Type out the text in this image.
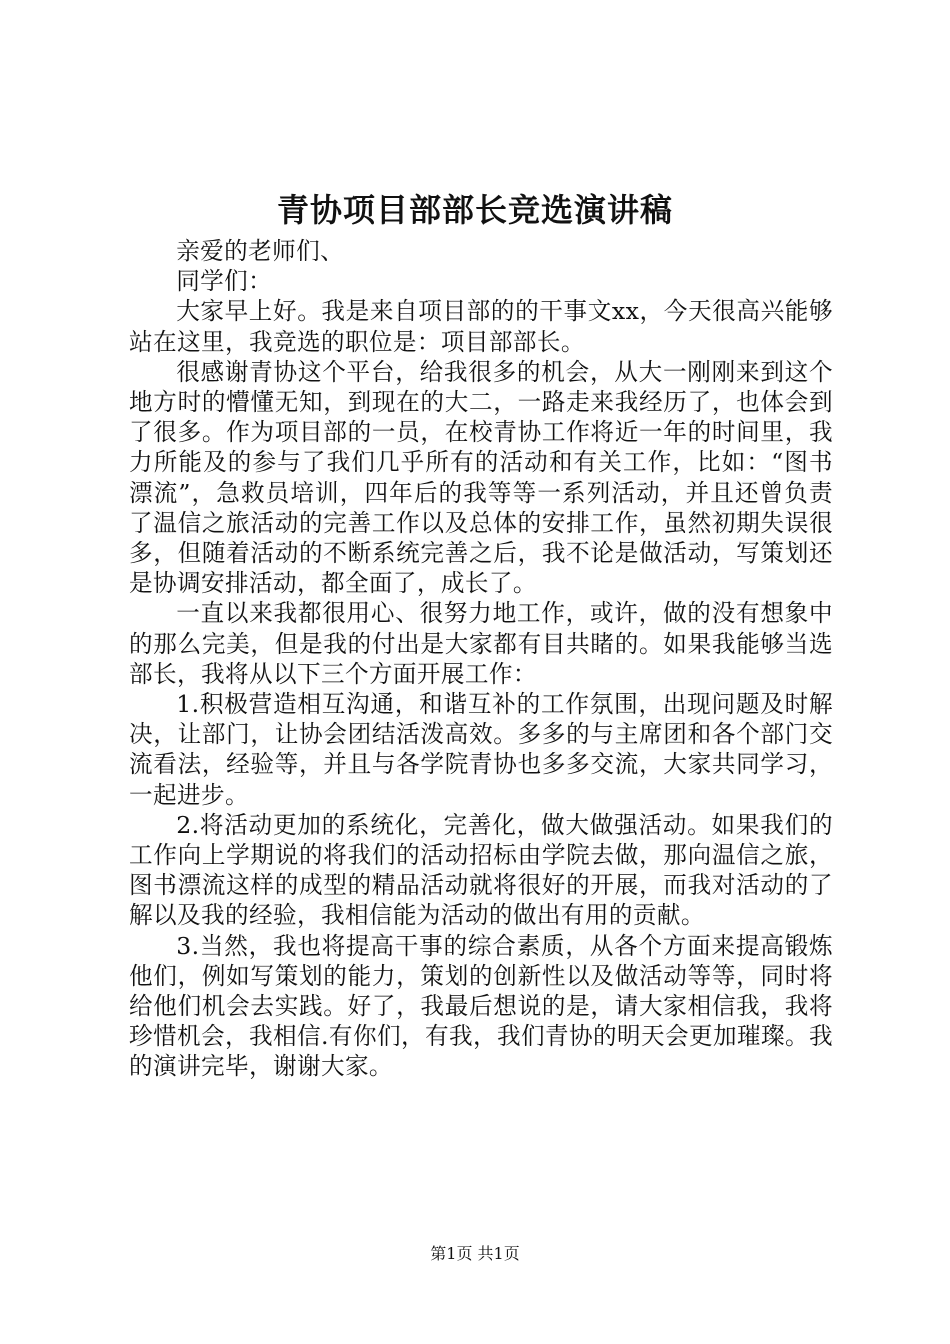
青协项目部部长竞选演讲稿

亲爱的老师们、

同学们：

大家早上好。我是来自项目部的的干事文xx，今天很高兴能够站在这里，我竞选的职位是：项目部部长。

很感谢青协这个平台，给我很多的机会，从大一刚刚来到这个地方时的懵懂无知，到现在的大二，一路走来我经历了，也体会到了很多。作为项目部的一员，在校青协工作将近一年的时间里，我力所能及的参与了我们几乎所有的活动和有关工作，比如：“图书漂流”，急救员培训，四年后的我等等一系列活动，并且还曾负责了温信之旅活动的完善工作以及总体的安排工作，虽然初期失误很多，但随着活动的不断系统完善之后，我不论是做活动，写策划还是协调安排活动，都全面了，成长了。

一直以来我都很用心、很努力地工作，或许，做的没有想象中的那么完美，但是我的付出是大家都有目共睹的。如果我能够当选部长，我将从以下三个方面开展工作：

1.积极营造相互沟通，和谐互补的工作氛围，出现问题及时解决，让部门，让协会团结活泼高效。多多的与主席团和各个部门交流看法，经验等，并且与各学院青协也多多交流，大家共同学习，一起进步。

2.将活动更加的系统化，完善化，做大做强活动。如果我们的工作向上学期说的将我们的活动招标由学院去做，那向温信之旅，图书漂流这样的成型的精品活动就将很好的开展，而我对活动的了解以及我的经验，我相信能为活动的做出有用的贡献。

3.当然，我也将提高干事的综合素质，从各个方面来提高锻炼他们，例如写策划的能力，策划的创新性以及做活动等等，同时将给他们机会去实践。好了，我最后想说的是，请大家相信我，我将珍惜机会，我相信.有你们，有我，我们青协的明天会更加璀璨。我的演讲完毕，谢谢大家。

第1页 共1页
